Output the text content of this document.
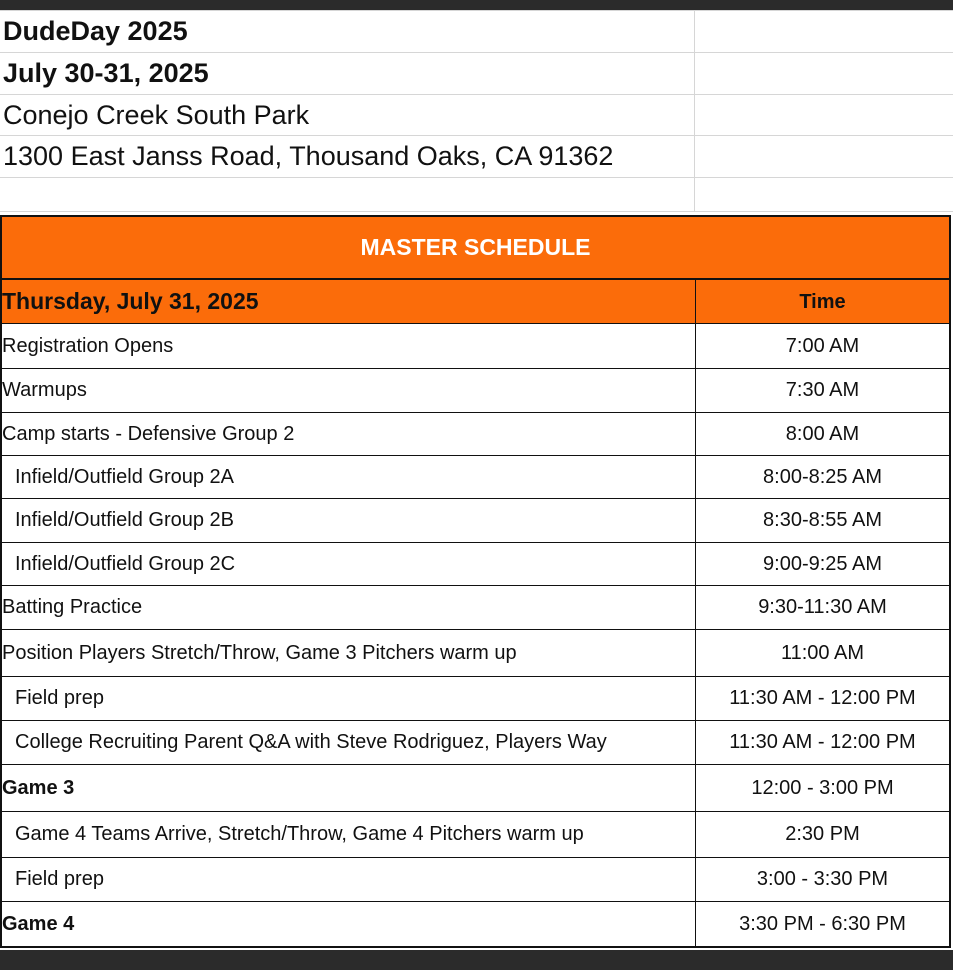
DudeDay 2025
July 30-31, 2025
Conejo Creek South Park
1300 East Janss Road, Thousand Oaks, CA 91362
MASTER SCHEDULE
Thursday, July 31, 2025	Time
Registration Opens	7:00 AM
Warmups	7:30 AM
Camp starts - Defensive Group 2	8:00 AM
Infield/Outfield Group 2A	8:00-8:25 AM
Infield/Outfield Group 2B	8:30-8:55 AM
Infield/Outfield Group 2C	9:00-9:25 AM
Batting Practice	9:30-11:30 AM
Position Players Stretch/Throw, Game 3 Pitchers warm up	11:00 AM
Field prep	11:30 AM - 12:00 PM
College Recruiting Parent Q&A with Steve Rodriguez, Players Way	11:30 AM - 12:00 PM
Game 3	12:00 - 3:00 PM
Game 4 Teams Arrive, Stretch/Throw, Game 4 Pitchers warm up	2:30 PM
Field prep	3:00 - 3:30 PM
Game 4	3:30 PM - 6:30 PM
